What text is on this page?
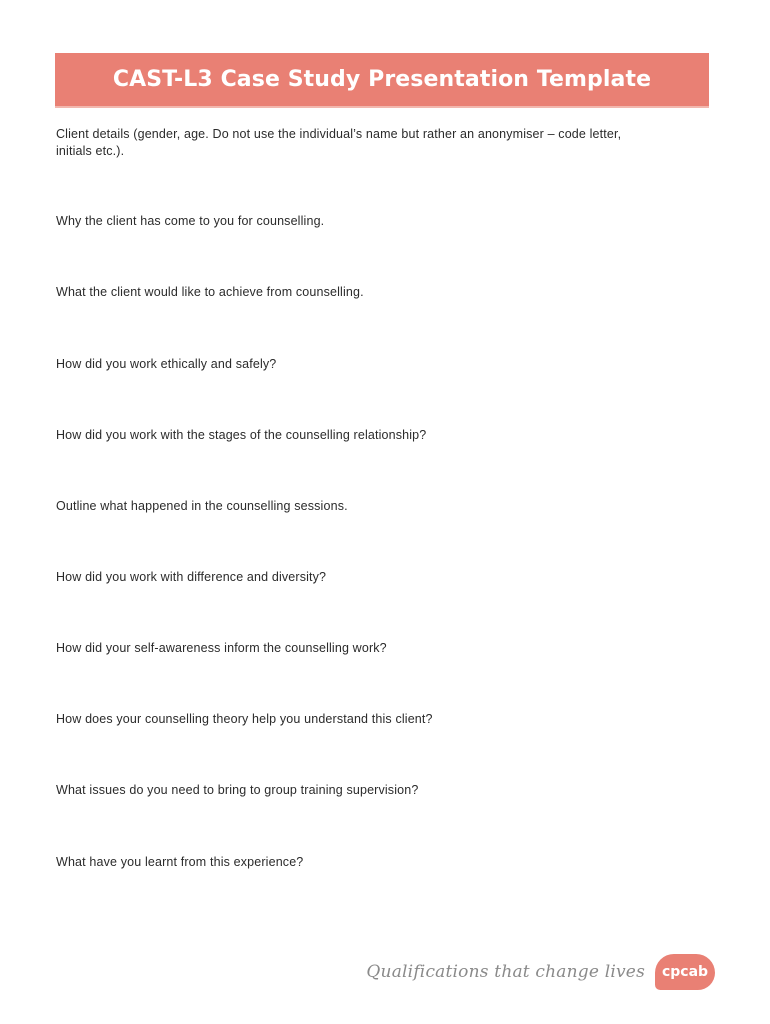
CAST-L3 Case Study Presentation Template

Client details (gender, age. Do not use the individual’s name but rather an anonymiser – code letter,
initials etc.).

Why the client has come to you for counselling.

What the client would like to achieve from counselling.

How did you work ethically and safely?

How did you work with the stages of the counselling relationship?

Outline what happened in the counselling sessions.

How did you work with difference and diversity?

How did your self-awareness inform the counselling work?

How does your counselling theory help you understand this client?

What issues do you need to bring to group training supervision?

What have you learnt from this experience?

Qualifications that change lives cpcab
